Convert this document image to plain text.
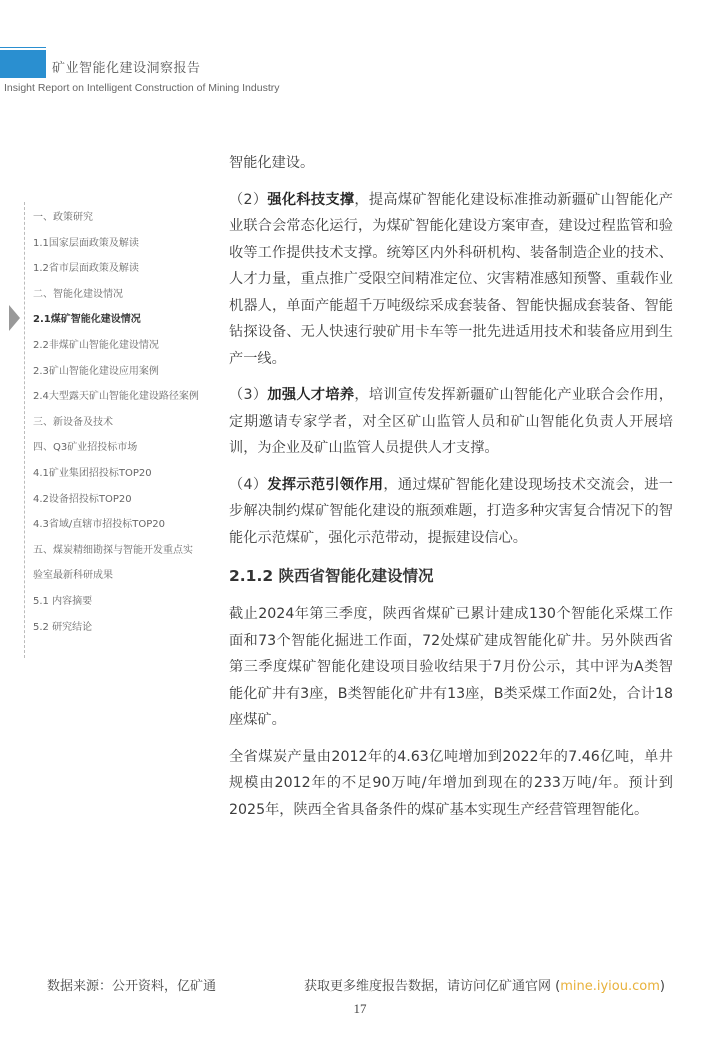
矿业智能化建设洞察报告
Insight Report on Intelligent Construction of Mining Industry
一、政策研究
1.1国家层面政策及解读
1.2省市层面政策及解读
二、智能化建设情况
2.1煤矿智能化建设情况
2.2非煤矿山智能化建设情况
2.3矿山智能化建设应用案例
2.4大型露天矿山智能化建设路径案例
三、新设备及技术
四、Q3矿业招投标市场
4.1矿业集团招投标TOP20
4.2设备招投标TOP20
4.3省域/直辖市招投标TOP20
五、煤炭精细勘探与智能开发重点实
验室最新科研成果
5.1 内容摘要
5.2 研究结论

智能化建设。

（2）强化科技支撑，提高煤矿智能化建设标准推动新疆矿山智能化产业联合会常态化运行，为煤矿智能化建设方案审查，建设过程监管和验收等工作提供技术支撑。统筹区内外科研机构、装备制造企业的技术、人才力量，重点推广受限空间精准定位、灾害精准感知预警、重载作业机器人，单面产能超千万吨级综采成套装备、智能快掘成套装备、智能钻探设备、无人快速行驶矿用卡车等一批先进适用技术和装备应用到生产一线。

（3）加强人才培养，培训宣传发挥新疆矿山智能化产业联合会作用，定期邀请专家学者，对全区矿山监管人员和矿山智能化负责人开展培训，为企业及矿山监管人员提供人才支撑。

（4）发挥示范引领作用，通过煤矿智能化建设现场技术交流会，进一步解决制约煤矿智能化建设的瓶颈难题，打造多种灾害复合情况下的智能化示范煤矿，强化示范带动，提振建设信心。

2.1.2 陕西省智能化建设情况

截止2024年第三季度，陕西省煤矿已累计建成130个智能化采煤工作面和73个智能化掘进工作面，72处煤矿建成智能化矿井。另外陕西省第三季度煤矿智能化建设项目验收结果于7月份公示，其中评为A类智能化矿井有3座，B类智能化矿井有13座，B类采煤工作面2处，合计18座煤矿。

全省煤炭产量由2012年的4.63亿吨增加到2022年的7.46亿吨，单井规模由2012年的不足90万吨/年增加到现在的233万吨/年。预计到2025年，陕西全省具备条件的煤矿基本实现生产经营管理智能化。

数据来源：公开资料，亿矿通	获取更多维度报告数据，请访问亿矿通官网 (mine.iyiou.com)
17
